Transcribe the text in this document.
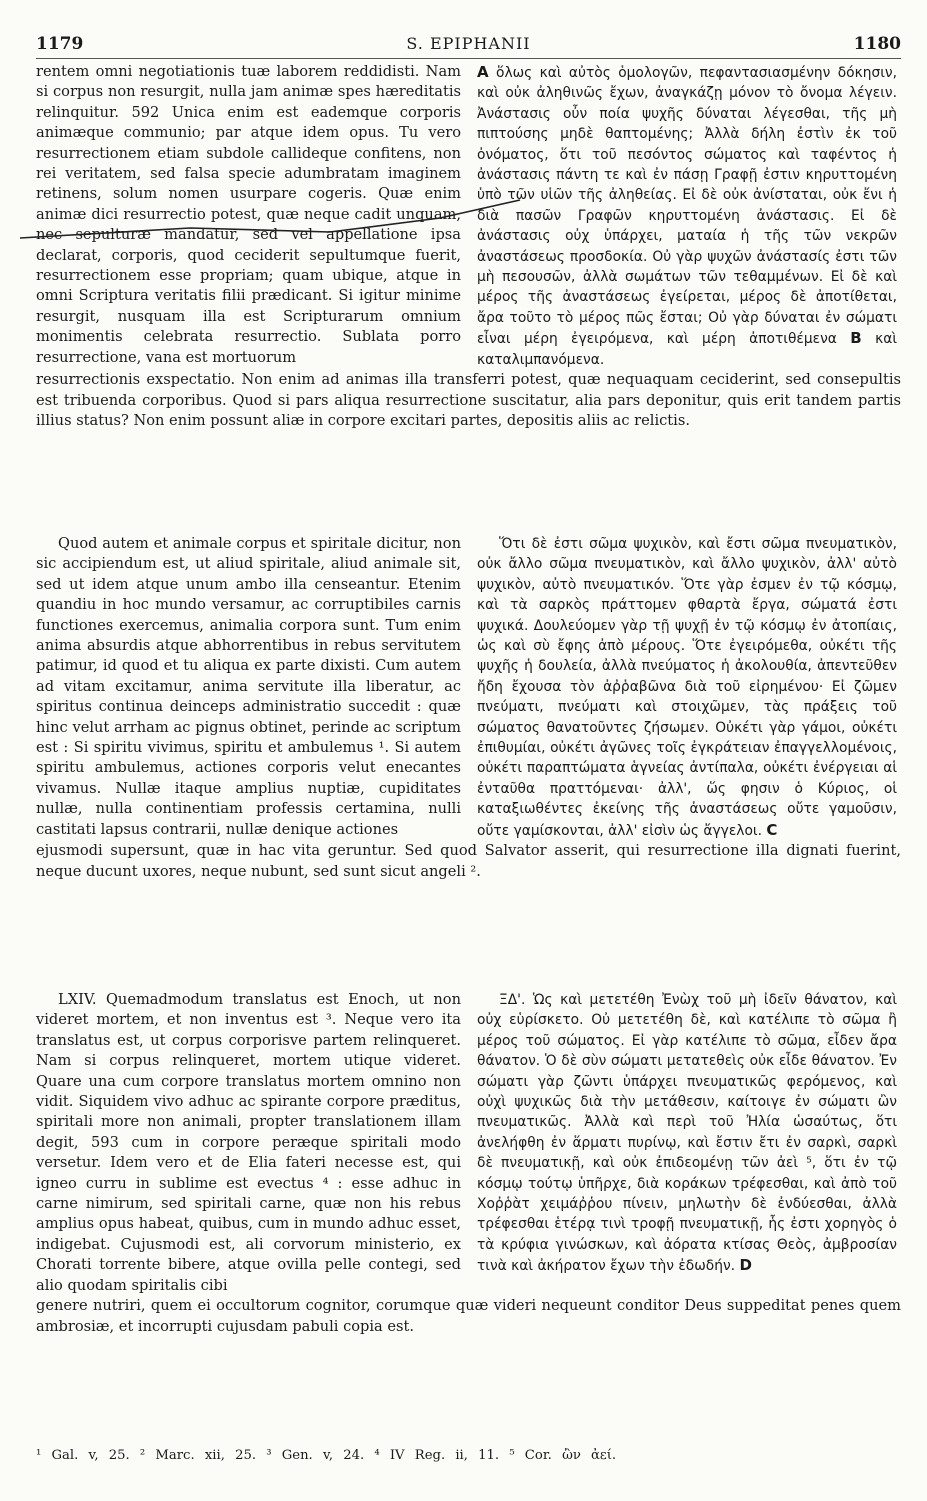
1179	S. EPIPHANII	1180

rentem omni negotiationis tuæ laborem reddidisti. Nam si corpus non resurgit, nulla jam animæ spes hæreditatis relinquitur. 592 Unica enim est eademque corporis animæque communio; par atque idem opus. Tu vero resurrectionem etiam subdole callideque confitens, non rei veritatem, sed falsa specie adumbratam imaginem retinens, solum nomen usurpare cogeris. Quæ enim animæ dici resurrectio potest, quæ neque cadit unquam, nec sepulturæ mandatur, sed vel appellatione ipsa declarat, corporis, quod ceciderit sepultumque fuerit, resurrectionem esse propriam; quam ubique, atque in omni Scriptura veritatis filii prædicant. Si igitur minime resurgit, nusquam illa est Scripturarum omnium monimentis celebrata resurrectio. Sublata porro resurrectione, vana est mortuorum

A ὅλως καὶ αὐτὸς ὁμολογῶν, πεφαντασιασμένην δόκησιν, καὶ οὐκ ἀληθινῶς ἔχων, ἀναγκάζῃ μόνον τὸ ὄνομα λέγειν. Ἀνάστασις οὖν ποία ψυχῆς δύναται λέγεσθαι, τῆς μὴ πιπτούσης μηδὲ θαπτομένης; Ἀλλὰ δήλη ἐστὶν ἐκ τοῦ ὀνόματος, ὅτι τοῦ πεσόντος σώματος καὶ ταφέντος ἡ ἀνάστασις πάντη τε καὶ ἐν πάσῃ Γραφῇ ἐστιν κηρυττομένη ὑπὸ τῶν υἱῶν τῆς ἀληθείας. Εἰ δὲ οὐκ ἀνίσταται, οὐκ ἔνι ἡ διὰ πασῶν Γραφῶν κηρυττομένη ἀνάστασις. Εἰ δὲ ἀνάστασις οὐχ ὑπάρχει, ματαία ἡ τῆς τῶν νεκρῶν ἀναστάσεως προσδοκία. Οὐ γὰρ ψυχῶν ἀνάστασίς ἐστι τῶν μὴ πεσουσῶν, ἀλλὰ σωμάτων τῶν τεθαμμένων. Εἰ δὲ καὶ μέρος τῆς ἀναστάσεως ἐγείρεται, μέρος δὲ ἀποτίθεται, ἄρα τοῦτο τὸ μέρος πῶς ἔσται; Οὐ γὰρ δύναται ἐν σώματι εἶναι μέρη ἐγειρόμενα, καὶ μέρη ἀποτιθέμενα B καὶ καταλιμπανόμενα.

resurrectionis exspectatio. Non enim ad animas illa transferri potest, quæ nequaquam ceciderint, sed consepultis est tribuenda corporibus. Quod si pars aliqua resurrectione suscitatur, alia pars deponitur, quis erit tandem partis illius status? Non enim possunt aliæ in corpore excitari partes, depositis aliis ac relictis.

Quod autem et animale corpus et spiritale dicitur, non sic accipiendum est, ut aliud spiritale, aliud animale sit, sed ut idem atque unum ambo illa censeantur. Etenim quandiu in hoc mundo versamur, ac corruptibiles carnis functiones exercemus, animalia corpora sunt. Tum enim anima absurdis atque abhorrentibus in rebus servitutem patimur, id quod et tu aliqua ex parte dixisti. Cum autem ad vitam excitamur, anima servitute illa liberatur, ac spiritus continua deinceps administratio succedit : quæ hinc velut arrham ac pignus obtinet, perinde ac scriptum est : Si spiritu vivimus, spiritu et ambulemus ¹. Si autem spiritu ambulemus, actiones corporis velut enecantes vivamus. Nullæ itaque amplius nuptiæ, cupiditates nullæ, nulla continentiam professis certamina, nulli castitati lapsus contrarii, nullæ denique actiones

Ὅτι δὲ ἐστι σῶμα ψυχικὸν, καὶ ἔστι σῶμα πνευματικὸν, οὐκ ἄλλο σῶμα πνευματικὸν, καὶ ἄλλο ψυχικὸν, ἀλλ' αὐτὸ ψυχικὸν, αὐτὸ πνευματικόν. Ὅτε γὰρ ἐσμεν ἐν τῷ κόσμῳ, καὶ τὰ σαρκὸς πράττομεν φθαρτὰ ἔργα, σώματά ἐστι ψυχικά. Δουλεύομεν γὰρ τῇ ψυχῇ ἐν τῷ κόσμῳ ἐν ἀτοπίαις, ὡς καὶ σὺ ἔφης ἀπὸ μέρους. Ὅτε ἐγειρόμεθα, οὐκέτι τῆς ψυχῆς ἡ δουλεία, ἀλλὰ πνεύματος ἡ ἀκολουθία, ἀπεντεῦθεν ἤδη ἔχουσα τὸν ἀῤῥαβῶνα διὰ τοῦ εἰρημένου· Εἰ ζῶμεν πνεύματι, πνεύματι καὶ στοιχῶμεν, τὰς πράξεις τοῦ σώματος θανατοῦντες ζήσωμεν. Οὐκέτι γὰρ γάμοι, οὐκέτι ἐπιθυμίαι, οὐκέτι ἀγῶνες τοῖς ἐγκράτειαν ἐπαγγελλομένοις, οὐκέτι παραπτώματα ἁγνείας ἀντίπαλα, οὐκέτι ἐνέργειαι αἱ ἐνταῦθα πραττόμεναι· ἀλλ', ὥς φησιν ὁ Κύριος, οἱ καταξιωθέντες ἐκείνης τῆς ἀναστάσεως οὔτε γαμοῦσιν, οὔτε γαμίσκονται, ἀλλ' εἰσὶν ὡς ἄγγελοι. C

ejusmodi supersunt, quæ in hac vita geruntur. Sed quod Salvator asserit, qui resurrectione illa dignati fuerint, neque ducunt uxores, neque nubunt, sed sunt sicut angeli ².

LXIV. Quemadmodum translatus est Enoch, ut non videret mortem, et non inventus est ³. Neque vero ita translatus est, ut corpus corporisve partem relinqueret. Nam si corpus relinqueret, mortem utique videret. Quare una cum corpore translatus mortem omnino non vidit. Siquidem vivo adhuc ac spirante corpore præditus, spiritali more non animali, propter translationem illam degit, 593 cum in corpore peræque spiritali modo versetur. Idem vero et de Elia fateri necesse est, qui igneo curru in sublime est evectus ⁴ : esse adhuc in carne nimirum, sed spiritali carne, quæ non his rebus amplius opus habeat, quibus, cum in mundo adhuc esset, indigebat. Cujusmodi est, ali corvorum ministerio, ex Chorati torrente bibere, atque ovilla pelle contegi, sed alio quodam spiritalis cibi

ΞΔ'. Ὡς καὶ μετετέθη Ἐνὼχ τοῦ μὴ ἰδεῖν θάνατον, καὶ οὐχ εὑρίσκετο. Οὐ μετετέθη δὲ, καὶ κατέλιπε τὸ σῶμα ἢ μέρος τοῦ σώματος. Εἰ γὰρ κατέλιπε τὸ σῶμα, εἶδεν ἄρα θάνατον. Ὁ δὲ σὺν σώματι μετατεθεὶς οὐκ εἶδε θάνατον. Ἐν σώματι γὰρ ζῶντι ὑπάρχει πνευματικῶς φερόμενος, καὶ οὐχὶ ψυχικῶς διὰ τὴν μετάθεσιν, καίτοιγε ἐν σώματι ὢν πνευματικῶς. Ἀλλὰ καὶ περὶ τοῦ Ἠλία ὡσαύτως, ὅτι ἀνελήφθη ἐν ἅρματι πυρίνῳ, καὶ ἔστιν ἔτι ἐν σαρκὶ, σαρκὶ δὲ πνευματικῇ, καὶ οὐκ ἐπιδεομένῃ τῶν ἀεὶ ⁵, ὅτι ἐν τῷ κόσμῳ τούτῳ ὑπῆρχε, διὰ κοράκων τρέφεσθαι, καὶ ἀπὸ τοῦ Χοῤῥὰτ χειμάῤῥου πίνειν, μηλωτὴν δὲ ἐνδύεσθαι, ἀλλὰ τρέφεσθαι ἑτέρᾳ τινὶ τροφῇ πνευματικῇ, ἧς ἐστι χορηγὸς ὁ τὰ κρύφια γινώσκων, καὶ ἀόρατα κτίσας Θεὸς, ἀμβροσίαν τινὰ καὶ ἀκήρατον ἔχων τὴν ἐδωδήν. D

genere nutriri, quem ei occultorum cognitor, corumque quæ videri nequeunt conditor Deus suppeditat penes quem ambrosiæ, et incorrupti cujusdam pabuli copia est.

¹ Gal. v, 25. ² Marc. xii, 25. ³ Gen. v, 24. ⁴ IV Reg. ii, 11. ⁵ Cor. ὢν ἀεί.
